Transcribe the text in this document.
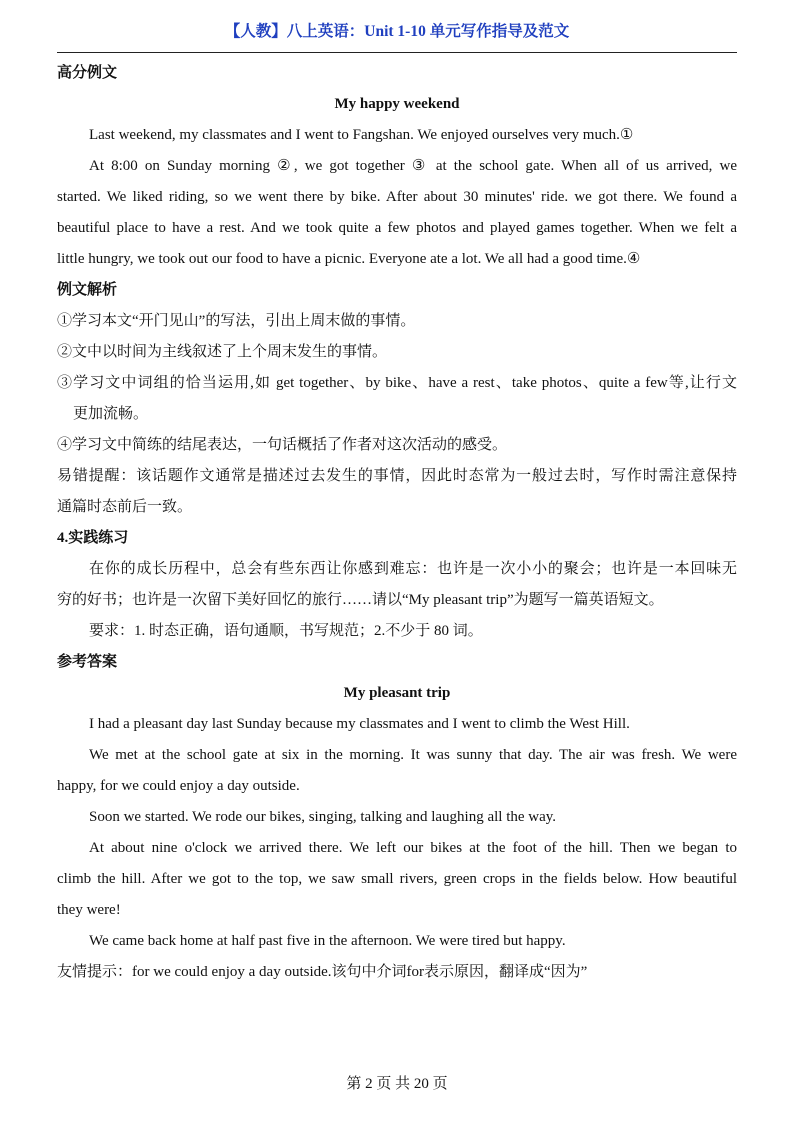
【人教】八上英语：Unit 1-10 单元写作指导及范文

高分例文

My happy weekend

Last weekend, my classmates and I went to Fangshan. We enjoyed ourselves very much.①

At 8:00 on Sunday morning ②, we got together ③ at the school gate. When all of us arrived, we

started. We liked riding, so we went there by bike. After about 30 minutes' ride. we got there. We found a

beautiful place to have a rest. And we took quite a few photos and played games together. When we felt a

little hungry, we took out our food to have a picnic. Everyone ate a lot. We all had a good time.④

例文解析

①学习本文“开门见山”的写法，引出上周末做的事情。

②文中以时间为主线叙述了上个周末发生的事情。

③学习文中词组的恰当运用,如 get together、by bike、have a rest、take photos、quite a few等,让行文

更加流畅。

④学习文中简练的结尾表达，一句话概括了作者对这次活动的感受。

易错提醒：该话题作文通常是描述过去发生的事情，因此时态常为一般过去时，写作时需注意保持

通篇时态前后一致。

4.实践练习

在你的成长历程中，总会有些东西让你感到难忘：也许是一次小小的聚会；也许是一本回味无

穷的好书；也许是一次留下美好回忆的旅行……请以“My pleasant trip”为题写一篇英语短文。

要求：1. 时态正确，语句通顺，书写规范；2.不少于 80 词。

参考答案

My pleasant trip

I had a pleasant day last Sunday because my classmates and I went to climb the West Hill.

We met at the school gate at six in the morning. It was sunny that day. The air was fresh. We were

happy, for we could enjoy a day outside.

Soon we started. We rode our bikes, singing, talking and laughing all the way.

At about nine o'clock we arrived there. We left our bikes at the foot of the hill. Then we began to

climb the hill. After we got to the top, we saw small rivers, green crops in the fields below. How beautiful

they were!

We came back home at half past five in the afternoon. We were tired but happy.

友情提示：for we could enjoy a day outside.该句中介词for表示原因，翻译成“因为”

第 2 页 共 20 页
